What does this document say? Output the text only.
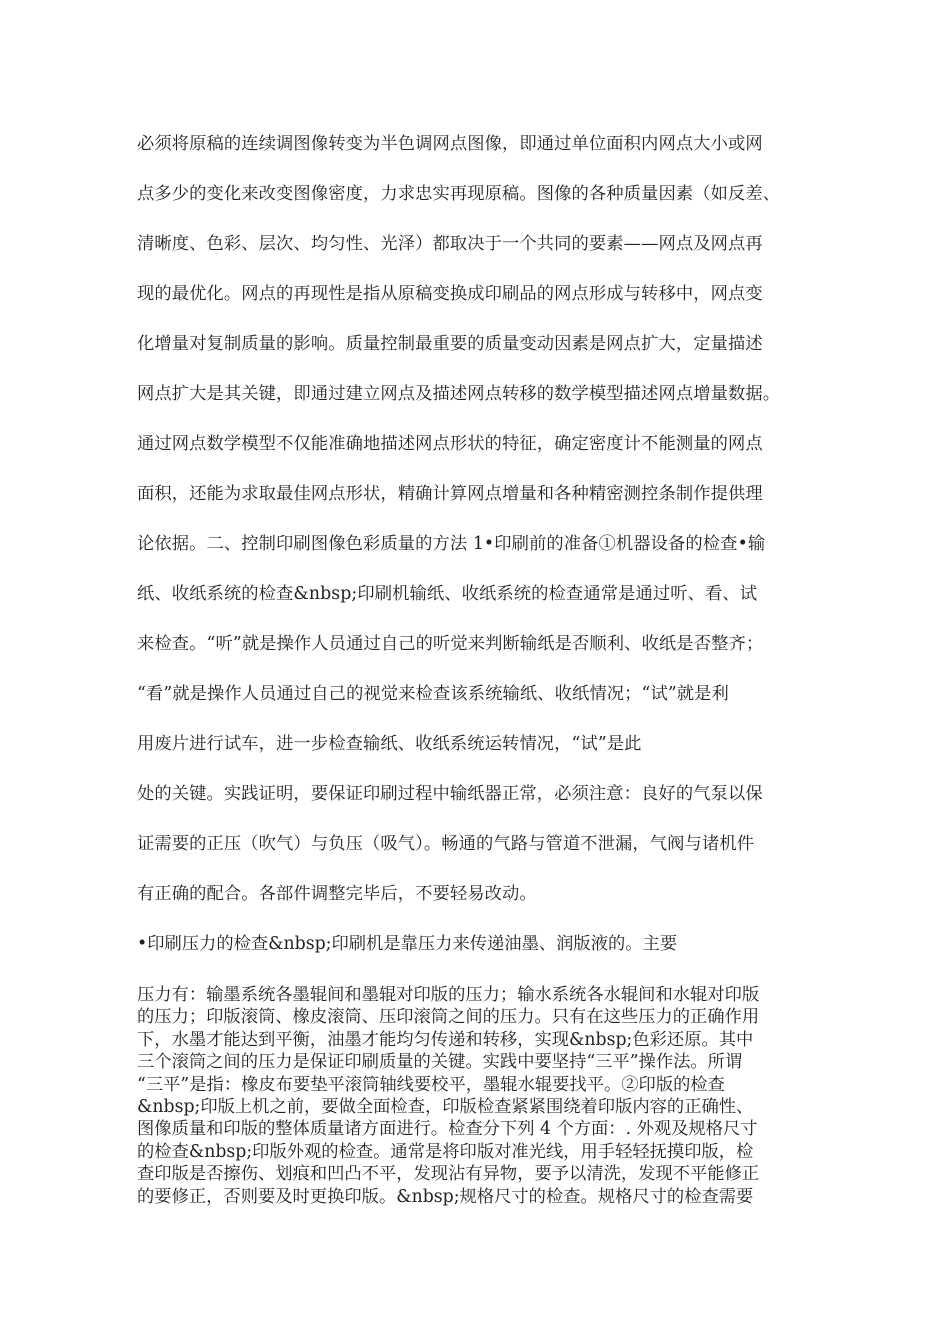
必须将原稿的连续调图像转变为半色调网点图像，即通过单位面积内网点大小或网
点多少的变化来改变图像密度，力求忠实再现原稿。图像的各种质量因素（如反差、
清晰度、色彩、层次、均匀性、光泽）都取决于一个共同的要素——网点及网点再
现的最优化。网点的再现性是指从原稿变换成印刷品的网点形成与转移中，网点变
化增量对复制质量的影响。质量控制最重要的质量变动因素是网点扩大，定量描述
网点扩大是其关键，即通过建立网点及描述网点转移的数学模型描述网点增量数据。
通过网点数学模型不仅能准确地描述网点形状的特征，确定密度计不能测量的网点
面积，还能为求取最佳网点形状，精确计算网点增量和各种精密测控条制作提供理
论依据。二、控制印刷图像色彩质量的方法 1•印刷前的准备①机器设备的检查•输
纸、收纸系统的检查&nbsp;印刷机输纸、收纸系统的检查通常是通过听、看、试
来检查。“听”就是操作人员通过自己的听觉来判断输纸是否顺利、收纸是否整齐；
“看”就是操作人员通过自己的视觉来检查该系统输纸、收纸情况；“试”就是利
用废片进行试车，进一步检查输纸、收纸系统运转情况，“试”是此
处的关键。实践证明，要保证印刷过程中输纸器正常，必须注意：良好的气泵以保
证需要的正压（吹气）与负压（吸气）。畅通的气路与管道不泄漏，气阀与诸机件
有正确的配合。各部件调整完毕后，不要轻易改动。
•印刷压力的检查&nbsp;印刷机是靠压力来传递油墨、润版液的。主要
压力有：输墨系统各墨辊间和墨辊对印版的压力；输水系统各水辊间和水辊对印版
的压力；印版滚筒、橡皮滚筒、压印滚筒之间的压力。只有在这些压力的正确作用
下，水墨才能达到平衡，油墨才能均匀传递和转移，实现&nbsp;色彩还原。其中
三个滚筒之间的压力是保证印刷质量的关键。实践中要坚持“三平”操作法。所谓
“三平”是指：橡皮布要垫平滚筒轴线要校平，墨辊水辊要找平。②印版的检查
&nbsp;印版上机之前，要做全面检查，印版检查紧紧围绕着印版内容的正确性、
图像质量和印版的整体质量诸方面进行。检查分下列 4 个方面：. 外观及规格尺寸
的检查&nbsp;印版外观的检查。通常是将印版对准光线，用手轻轻抚摸印版，检
查印版是否擦伤、划痕和凹凸不平，发现沾有异物，要予以清洗，发现不平能修正
的要修正，否则要及时更换印版。&nbsp;规格尺寸的检查。规格尺寸的检查需要
